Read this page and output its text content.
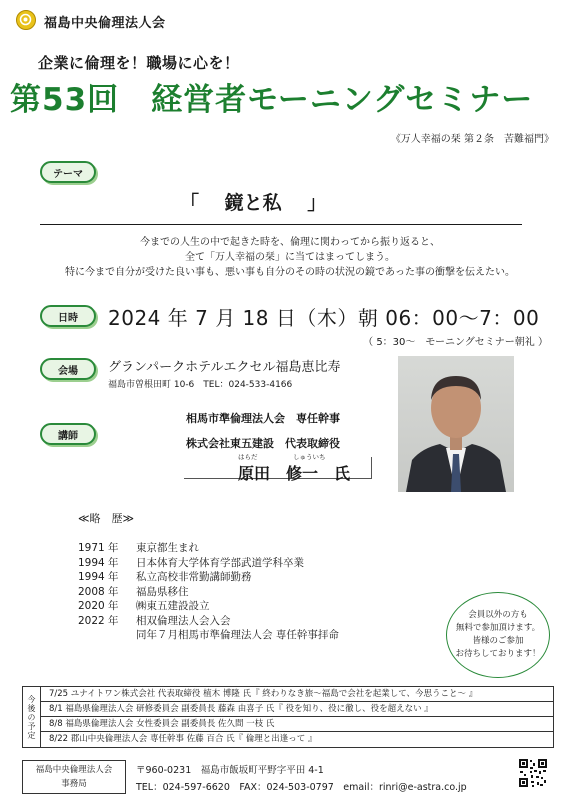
福島中央倫理法人会
企業に倫理を！職場に心を！
第53回　経営者モーニングセミナー
《万人幸福の栞 第２条　苦難福門》
テーマ
「　 鏡と私　 」
今までの人生の中で起きた時を、倫理に関わってから振り返ると、
全て「万人幸福の栞」に当てはまってしまう。
特に今まで自分が受けた良い事も、悪い事も自分のその時の状況の鏡であった事の衝撃を伝えたい。
日時	2024 年 7 月 18 日（木）朝 06：00〜7：00
（ 5：30〜　モーニングセミナー朝礼 ）
会場	グランパークホテルエクセル福島恵比寿
福島市曽根田町 10-6　TEL：024-533-4166
講師
相馬市準倫理法人会　専任幹事
株式会社東五建設　代表取締役
はらだ	しゅういち
原田　修一　氏
≪略　歴≫
1971 年	東京都生まれ
1994 年	日本体育大学体育学部武道学科卒業
1994 年	私立高校非常勤講師勤務
2008 年	福島県移住
2020 年	㈱東五建設設立
2022 年	相双倫理法人会入会
同年７月相馬市準倫理法人会 専任幹事拝命
会員以外の方も
無料で参加頂けます。
皆様のご参加
お待ちしております！
今後の予定
7/25 ユナイトワン株式会社 代表取締役 植木 博隆 氏『 終わりなき旅〜福島で会社を起業して、今思うこと〜 』
8/1 福島県倫理法人会 研修委員会 副委員長 藤森 由喜子 氏『 役を知り、役に徹し、役を超えない 』
8/8 福島県倫理法人会 女性委員会 副委員長 佐久間 一枝 氏
8/22 郡山中央倫理法人会 専任幹事 佐藤 百合 氏『 倫理と出逢って 』
福島中央倫理法人会
事務局
〒960-0231　福島市飯坂町平野字平田 4-1
TEL：024-597-6620　FAX：024-503-0797　email：rinri@e-astra.co.jp
